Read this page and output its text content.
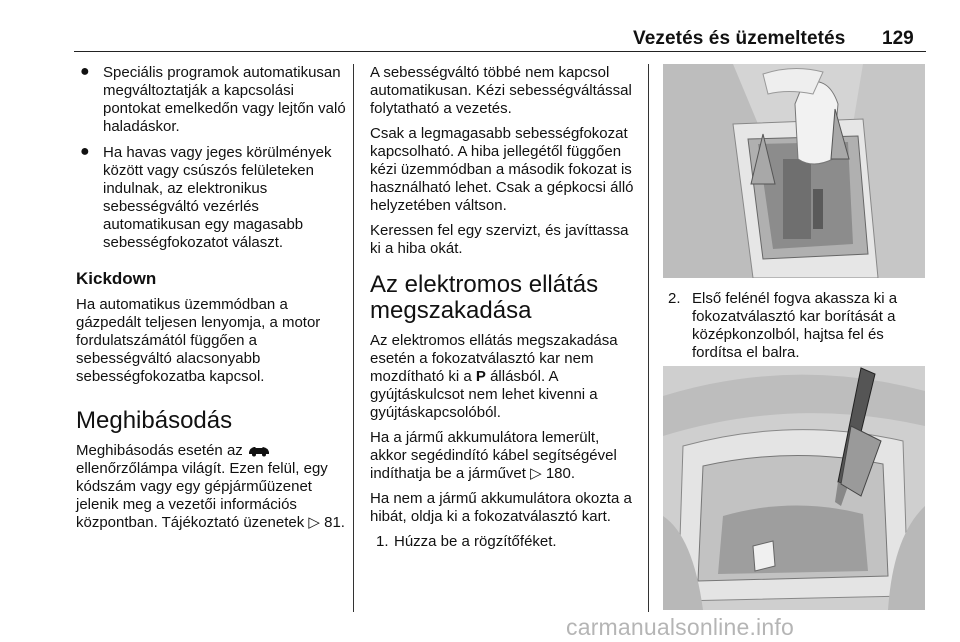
Vezetés és üzemeltetés 129
● Speciális programok automatikusan megváltoztatják a kapcsolási pontokat emelkedőn vagy lejtőn való haladáskor.
● Ha havas vagy jeges körülmények között vagy csúszós felületeken indulnak, az elektronikus sebességváltó vezérlés automatikusan egy magasabb sebességfokozatot választ.
Kickdown

Ha automatikus üzemmódban a gázpedált teljesen lenyomja, a motor fordulatszámától függően a sebességváltó alacsonyabb sebességfokozatba kapcsol.

Meghibásodás

Meghibásodás esetén az  ellenőrzőlámpa világít. Ezen felül, egy kódszám vagy egy gépjárműüzenet jelenik meg a vezetői információs központban. Tájékoztató üzenetek ▷ 81.

A sebességváltó többé nem kapcsol automatikusan. Kézi sebességváltással folytatható a vezetés.

Csak a legmagasabb sebességfokozat kapcsolható. A hiba jellegétől függően kézi üzemmódban a második fokozat is használható lehet. Csak a gépkocsi álló helyzetében váltson.

Keressen fel egy szervizt, és javíttassa ki a hiba okát.

Az elektromos ellátás megszakadása

Az elektromos ellátás megszakadása esetén a fokozatválasztó kar nem mozdítható ki a P állásból. A gyújtáskulcsot nem lehet kivenni a gyújtáskapcsolóból.

Ha a jármű akkumulátora lemerült, akkor segédindító kábel segítségével indíthatja be a járművet ▷ 180.

Ha nem a jármű akkumulátora okozta a hibát, oldja ki a fokozatválasztó kart.

1. Húzza be a rögzítőféket.
2. Első felénél fogva akassza ki a fokozatválasztó kar borítását a középkonzolból, hajtsa fel és fordítsa el balra.
carmanualsonline.info
